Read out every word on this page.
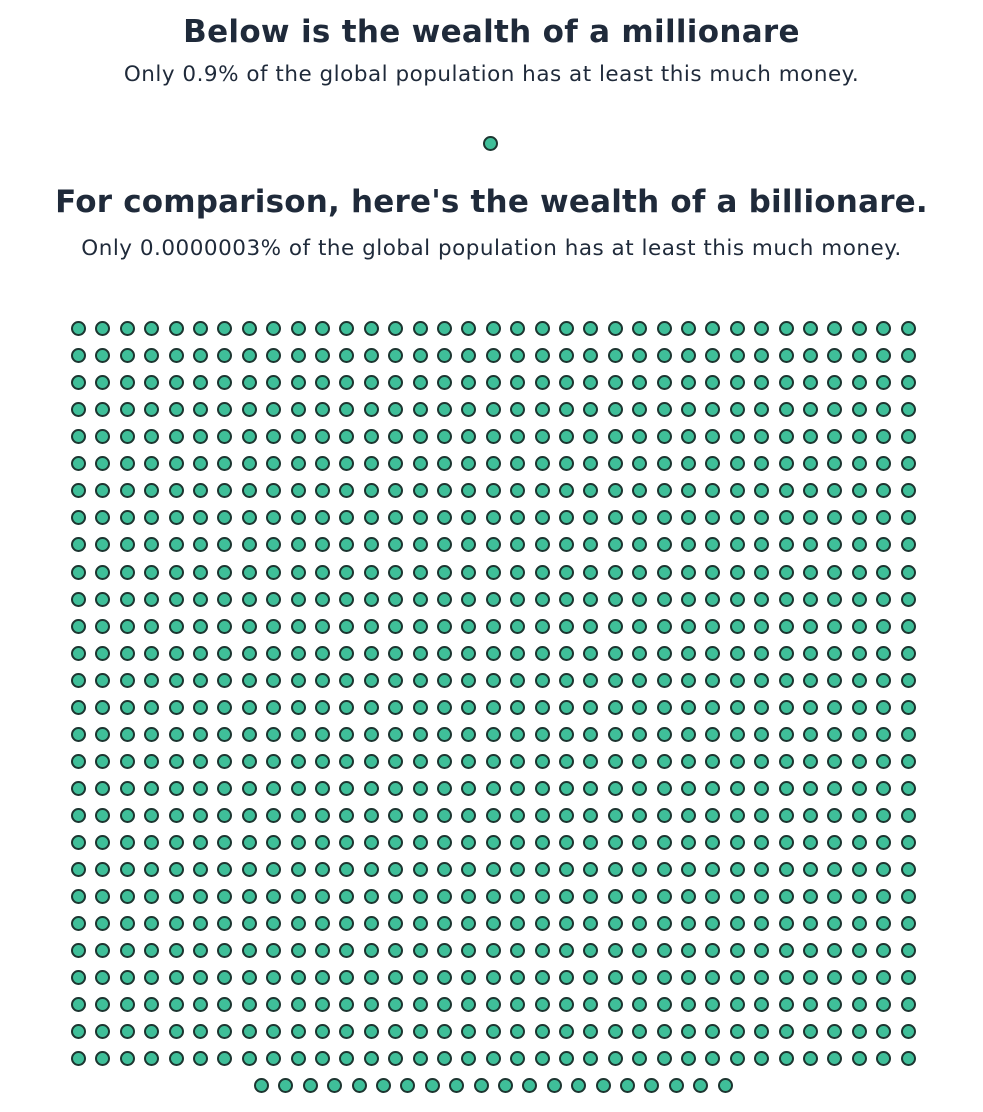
Below is the wealth of a millionare

Only 0.9% of the global population has at least this much money.

For comparison, here's the wealth of a billionare.

Only 0.0000003% of the global population has at least this much money.
